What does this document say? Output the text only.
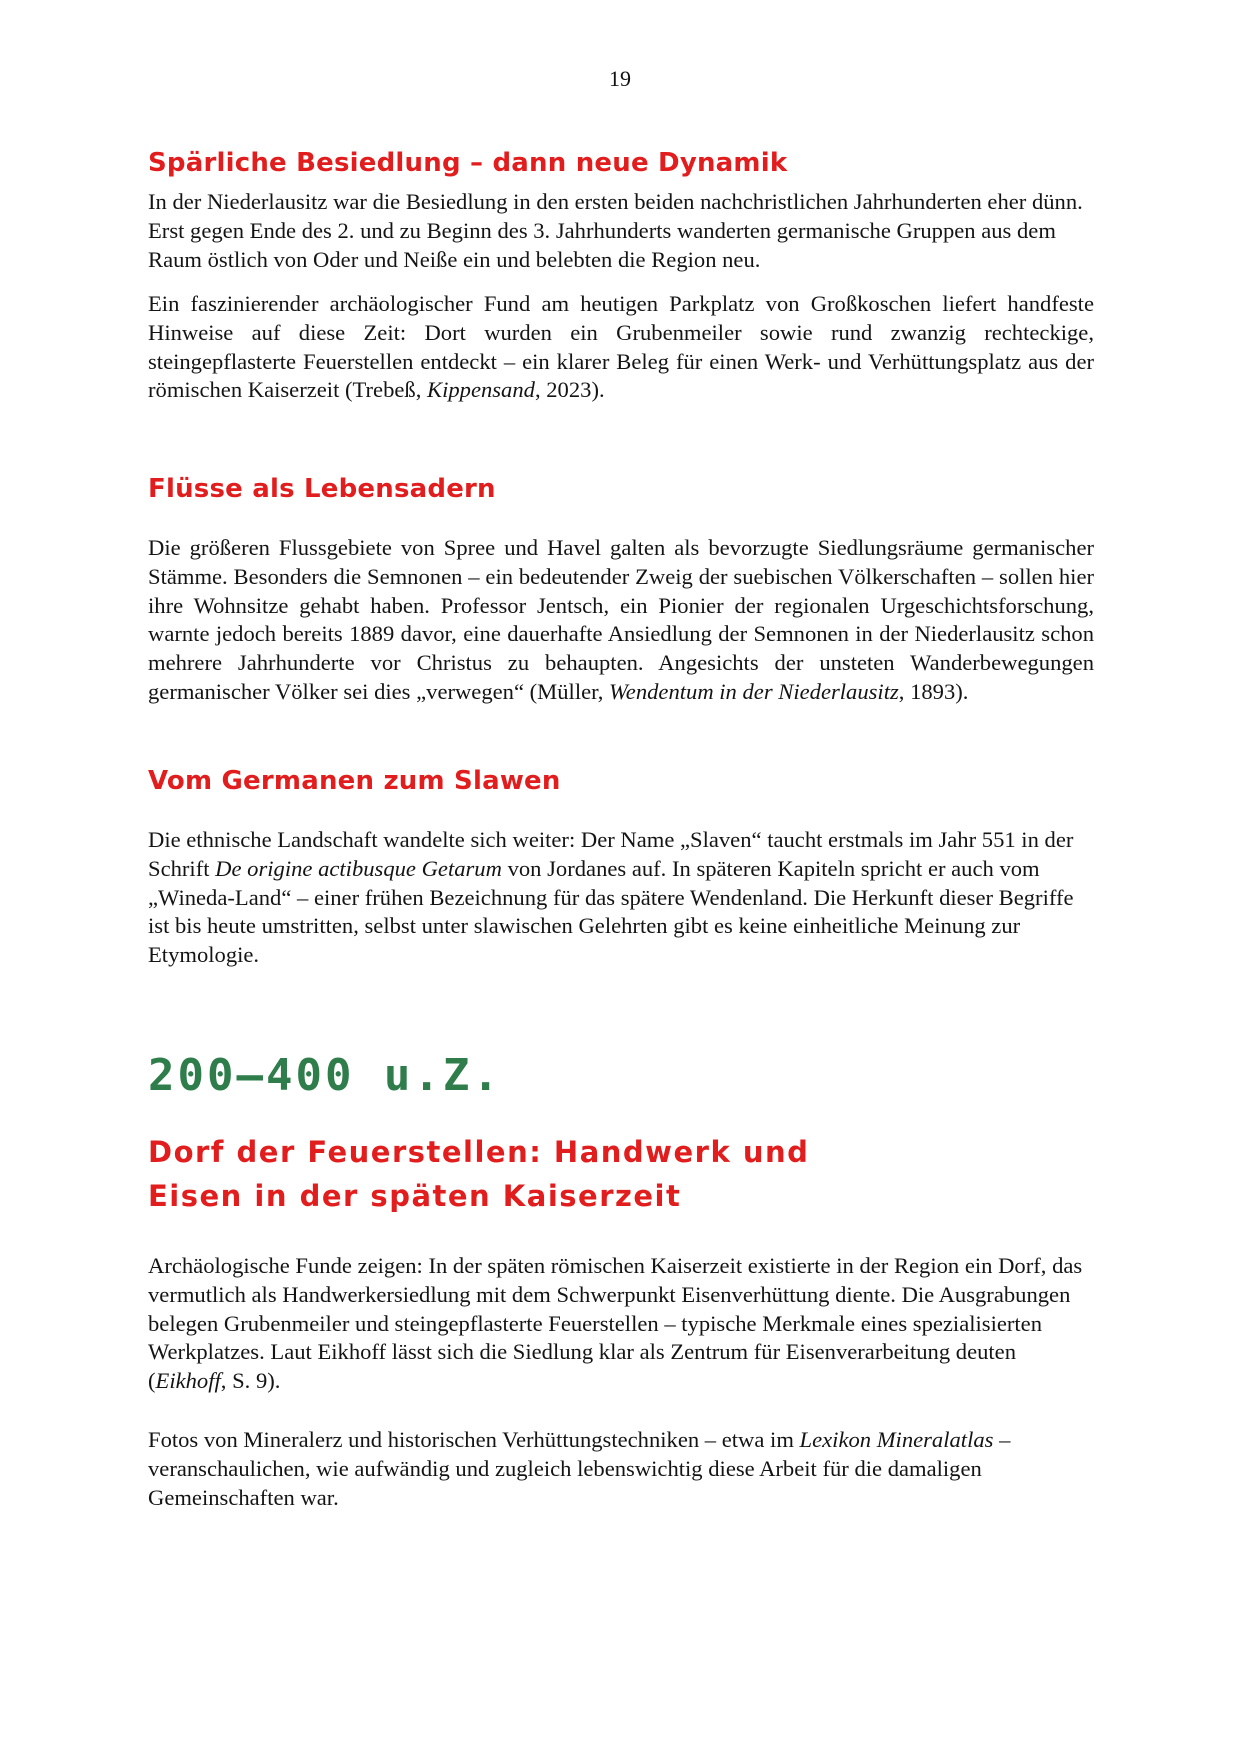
19
Spärliche Besiedlung – dann neue Dynamik

In der Niederlausitz war die Besiedlung in den ersten beiden nachchristlichen Jahrhunderten eher dünn. Erst gegen Ende des 2. und zu Beginn des 3. Jahrhunderts wanderten germanische Gruppen aus dem Raum östlich von Oder und Neiße ein und belebten die Region neu.

Ein faszinierender archäologischer Fund am heutigen Parkplatz von Großkoschen liefert handfeste Hinweise auf diese Zeit: Dort wurden ein Grubenmeiler sowie rund zwanzig rechteckige, steingepflasterte Feuerstellen entdeckt – ein klarer Beleg für einen Werk- und Verhüttungsplatz aus der römischen Kaiserzeit (Trebeß, Kippensand, 2023).

Flüsse als Lebensadern

Die größeren Flussgebiete von Spree und Havel galten als bevorzugte Siedlungsräume germanischer Stämme. Besonders die Semnonen – ein bedeutender Zweig der suebischen Völkerschaften – sollen hier ihre Wohnsitze gehabt haben. Professor Jentsch, ein Pionier der regionalen Urgeschichtsforschung, warnte jedoch bereits 1889 davor, eine dauerhafte Ansiedlung der Semnonen in der Niederlausitz schon mehrere Jahrhunderte vor Christus zu behaupten. Angesichts der unsteten Wanderbewegungen germanischer Völker sei dies „verwegen“ (Müller, Wendentum in der Niederlausitz, 1893).

Vom Germanen zum Slawen

Die ethnische Landschaft wandelte sich weiter: Der Name „Slaven“ taucht erstmals im Jahr 551 in der Schrift De origine actibusque Getarum von Jordanes auf. In späteren Kapiteln spricht er auch vom „Wineda-Land“ – einer frühen Bezeichnung für das spätere Wendenland. Die Herkunft dieser Begriffe ist bis heute umstritten, selbst unter slawischen Gelehrten gibt es keine einheitliche Meinung zur Etymologie.

200–400 u.Z.
Dorf der Feuerstellen: Handwerk und
Eisen in der späten Kaiserzeit

Archäologische Funde zeigen: In der späten römischen Kaiserzeit existierte in der Region ein Dorf, das vermutlich als Handwerkersiedlung mit dem Schwerpunkt Eisenverhüttung diente. Die Ausgrabungen belegen Grubenmeiler und steingepflasterte Feuerstellen – typische Merkmale eines spezialisierten Werkplatzes. Laut Eikhoff lässt sich die Siedlung klar als Zentrum für Eisenverarbeitung deuten (Eikhoff, S. 9).

Fotos von Mineralerz und historischen Verhüttungstechniken – etwa im Lexikon Mineralatlas – veranschaulichen, wie aufwändig und zugleich lebenswichtig diese Arbeit für die damaligen Gemeinschaften war.
